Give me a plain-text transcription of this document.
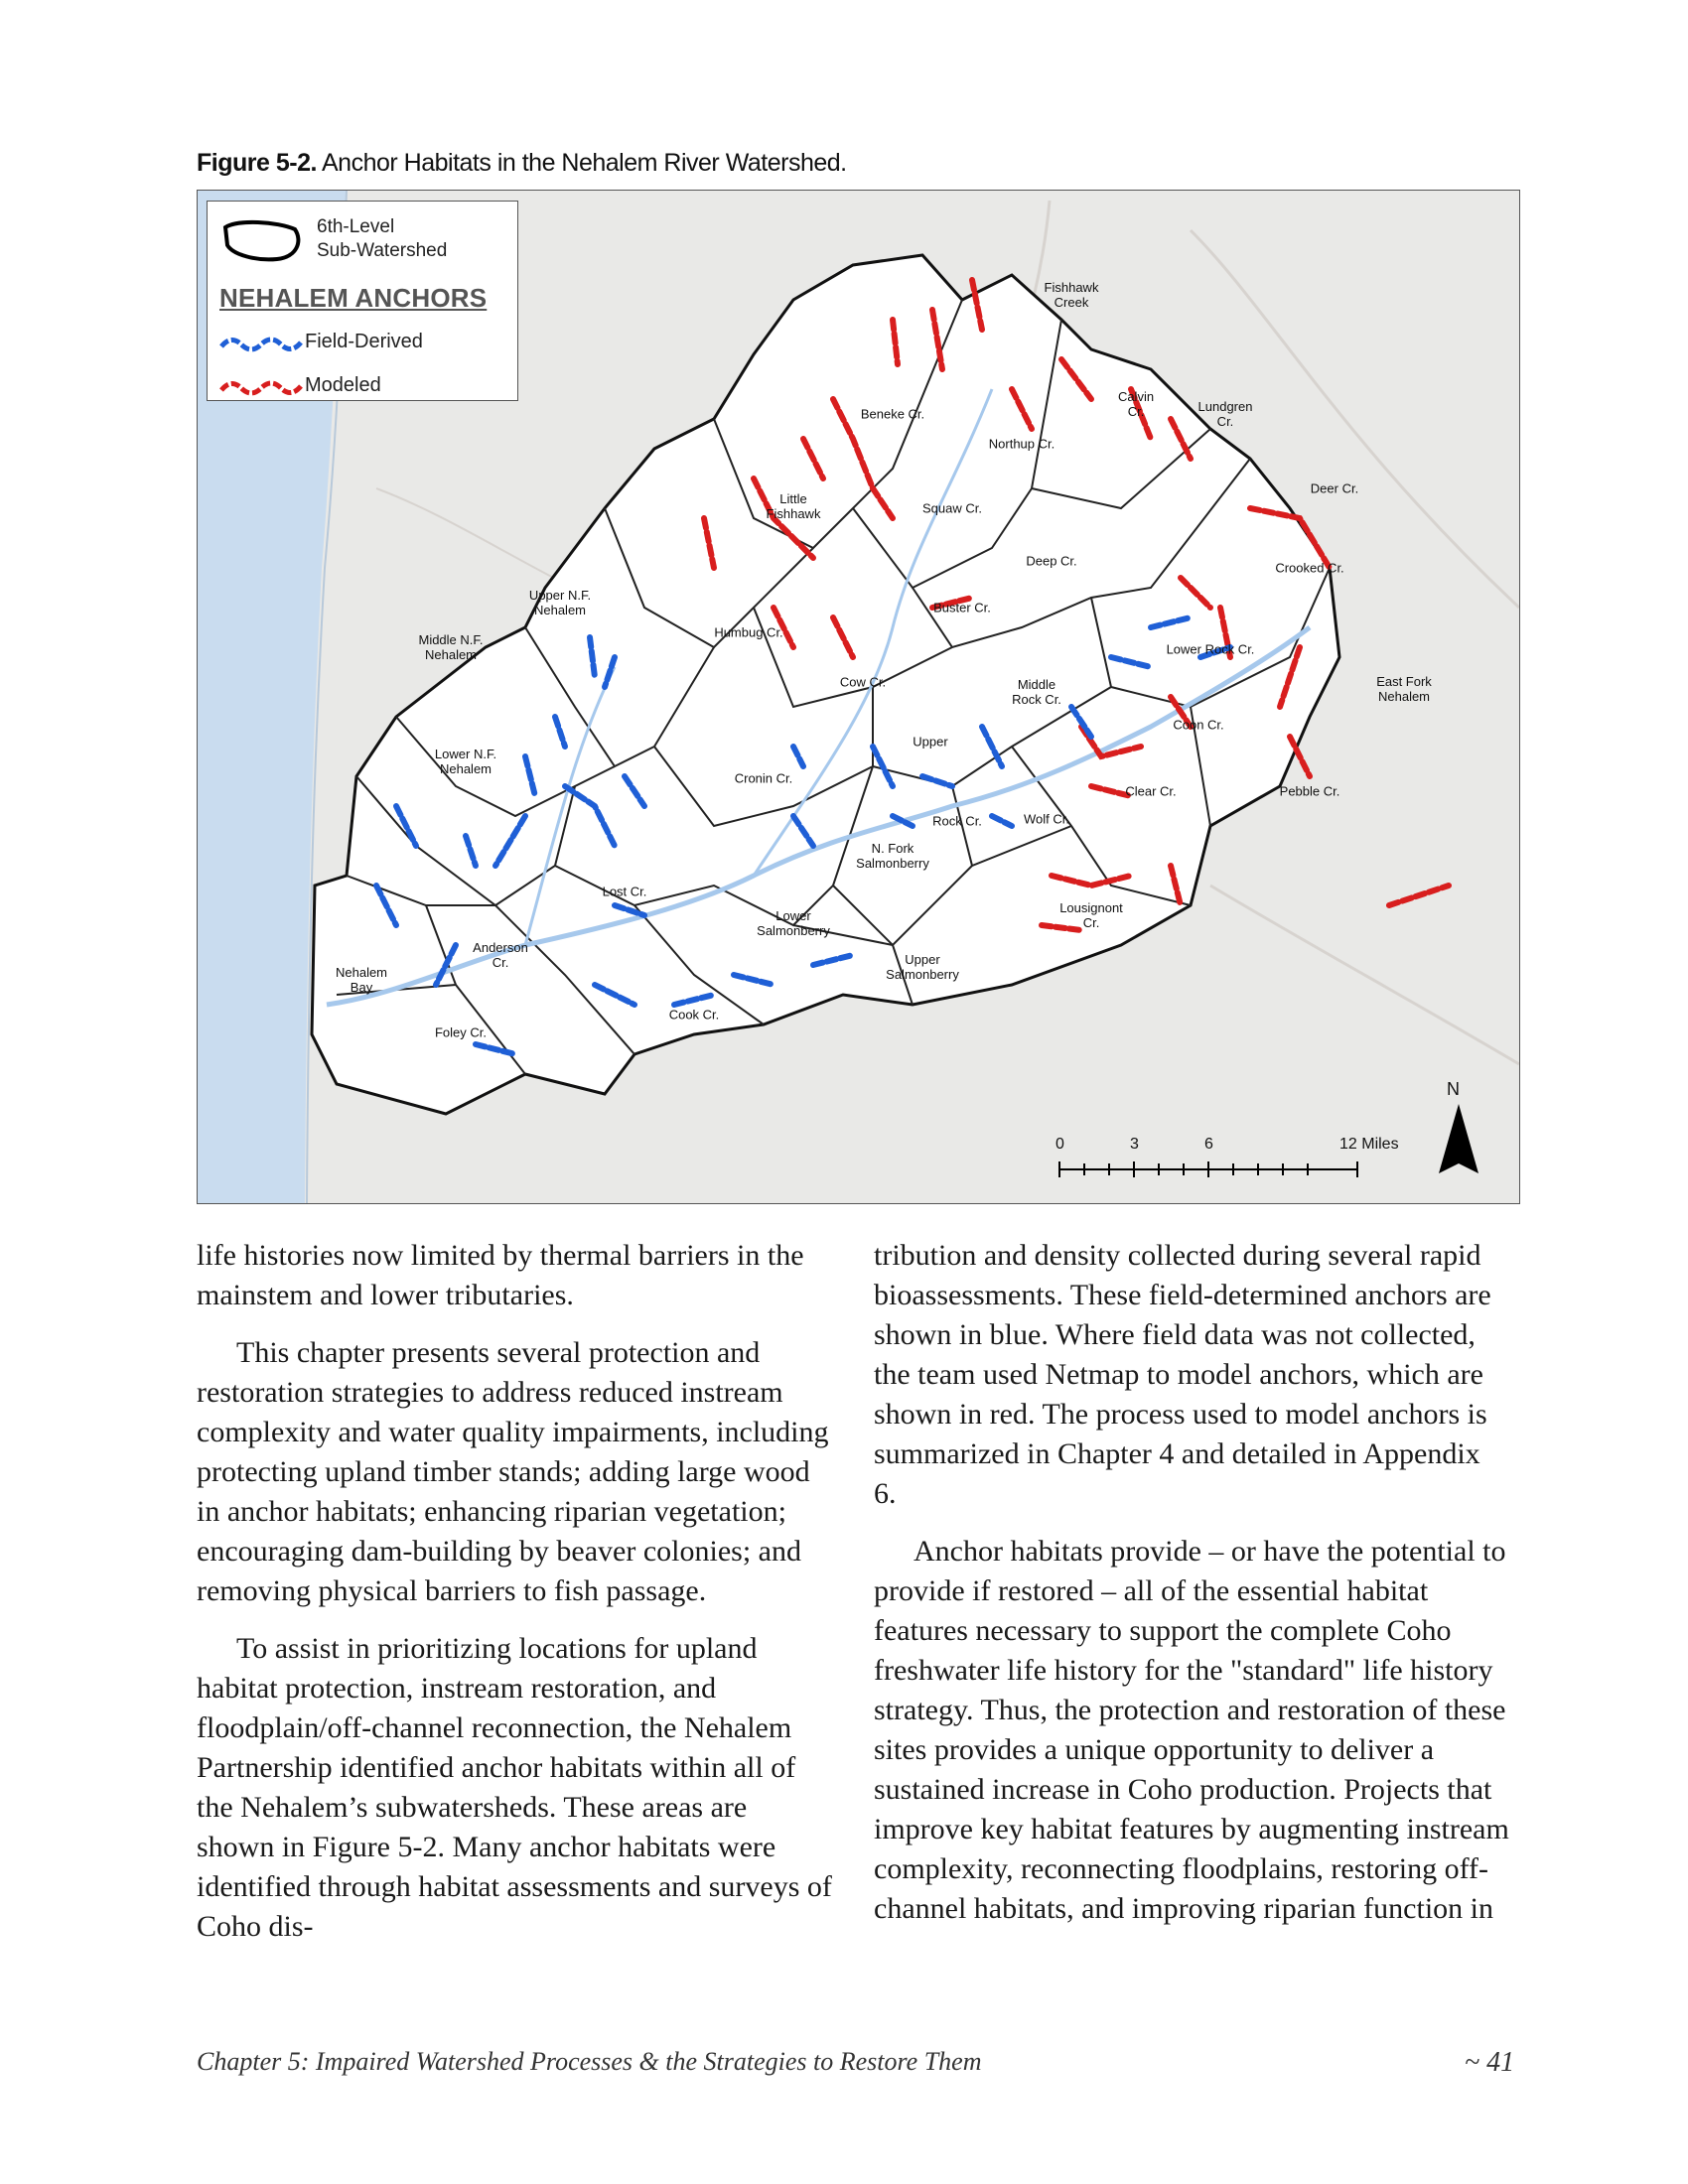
Figure 5-2. Anchor Habitats in the Nehalem River Watershed.
Fishhawk
Creek
Calvin
Cr.	Lundgren
Cr.
Beneke Cr.
Northup Cr.
Little
Fishhawk	Squaw Cr.
Deer Cr.
Deep Cr.	Crooked Cr.
Humbug Cr.
Buster Cr.
Upper N.F.
Nehalem
Middle N.F.
Nehalem	Lower Rock Cr.
Cow Cr.	Middle
Rock Cr.
East Fork
Nehalem
Coon Cr.
Upper
Lower N.F.
Nehalem
Cronin Cr.
Clear Cr.	Pebble Cr.
Rock Cr.	Wolf Cr.
N. Fork
Salmonberry
Lost Cr.
Lousignont
Cr.
Lower
Salmonberry
Anderson
Cr.
Nehalem
Bay
Upper
Salmonberry
Cook Cr.
Foley Cr.
N
0	3	6	12 Miles
6th-Level
Sub-Watershed
NEHALEM ANCHORS
Field-Derived
Modeled

life histories now limited by thermal barriers in the mainstem and lower tributaries.

This chapter presents several protection and restoration strategies to address reduced instream complexity and water quality impairments, including protecting upland timber stands; adding large wood in anchor habitats; enhancing riparian vegetation; encouraging dam-building by beaver colonies; and removing physical barriers to fish passage.

To assist in prioritizing locations for upland habitat protection, instream restoration, and floodplain/off-channel reconnection, the Nehalem Partnership identified anchor habitats within all of the Nehalem’s subwatersheds. These areas are shown in Figure 5-2. Many anchor habitats were identified through habitat assessments and surveys of Coho dis-

tribution and density collected during several rapid bioassessments. These field-determined anchors are shown in blue. Where field data was not collected, the team used Netmap to model anchors, which are shown in red. The process used to model anchors is summarized in Chapter 4 and detailed in Appendix 6.

Anchor habitats provide – or have the potential to provide if restored – all of the essential habitat features necessary to support the complete Coho freshwater life history for the "standard" life history strategy. Thus, the protection and restoration of these sites provides a unique opportunity to deliver a sustained increase in Coho production. Projects that improve key habitat features by augmenting instream complexity, reconnecting floodplains, restoring off-channel habitats, and improving riparian function in

Chapter 5: Impaired Watershed Processes & the Strategies to Restore Them	~ 41
